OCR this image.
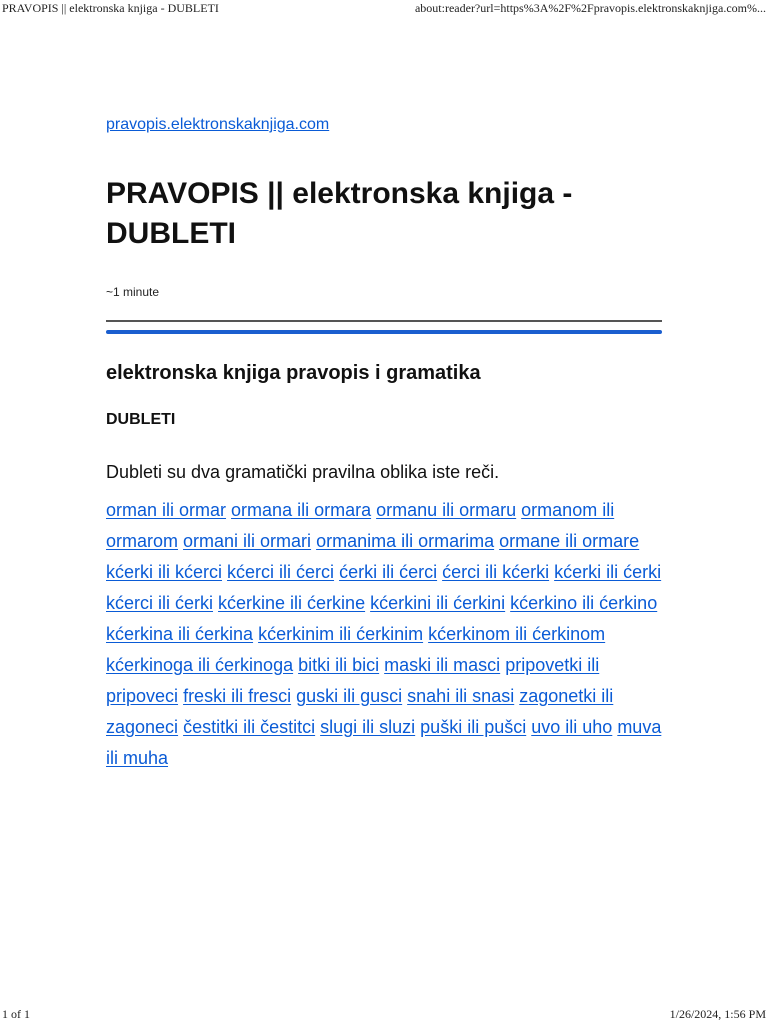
PRAVOPIS || elektronska knjiga - DUBLETI	about:reader?url=https%3A%2F%2Fpravopis.elektronskaknjiga.com%...
pravopis.elektronskaknjiga.com
PRAVOPIS || elektronska knjiga - DUBLETI
~1 minute
elektronska knjiga pravopis i gramatika
DUBLETI

Dubleti su dva gramatički pravilna oblika iste reči.

orman ili ormar ormana ili ormara ormanu ili ormaru ormanom ili ormarom ormani ili ormari ormanima ili ormarima ormane ili ormare kćerki ili kćerci kćerci ili ćerci ćerki ili ćerci ćerci ili kćerki kćerki ili ćerki kćerci ili ćerki kćerkine ili ćerkine kćerkini ili ćerkini kćerkino ili ćerkino kćerkina ili ćerkina kćerkinim ili ćerkinim kćerkinom ili ćerkinom kćerkinoga ili ćerkinoga bitki ili bici maski ili masci pripovetki ili pripoveci freski ili fresci guski ili gusci snahi ili snasi zagonetki ili zagoneci čestitki ili čestitci slugi ili sluzi puški ili pušci uvo ili uho muva ili muha

1 of 1	1/26/2024, 1:56 PM
